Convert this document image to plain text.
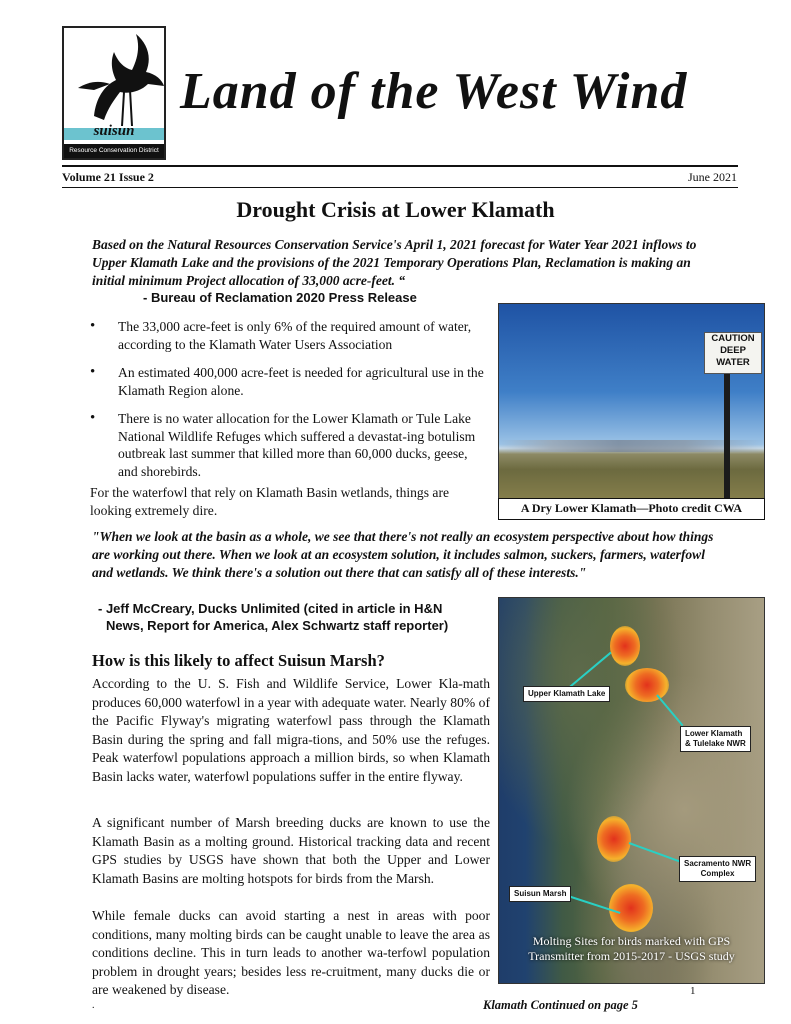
suisun
Resource Conservation District
Land of the West Wind
Volume 21 Issue 2	June 2021
Drought Crisis at Lower Klamath
Based on the Natural Resources Conservation Service's April 1, 2021 forecast for Water Year 2021 inflows to Upper Klamath Lake and the provisions of the 2021 Temporary Operations Plan, Reclamation is making an initial minimum Project allocation of 33,000 acre-feet. “
- Bureau of Reclamation 2020 Press Release
• The 33,000 acre-feet is only 6% of the required amount of water, according to the Klamath Water Users Association
• An estimated 400,000 acre-feet is needed for agricultural use in the Klamath Region alone.
• There is no water allocation for the Lower Klamath or Tule Lake National Wildlife Refuges which suffered a devastat-ing botulism outbreak last summer that killed more than 60,000 ducks, geese, and shorebirds.
For the waterfowl that rely on Klamath Basin wetlands, things are looking extremely dire.
CAUTION
DEEP
WATER
A Dry Lower Klamath—Photo credit CWA
"When we look at the basin as a whole, we see that there's not really an ecosystem perspective about how things are working out there. When we look at an ecosystem solution, it includes salmon, suckers, farmers, waterfowl and wetlands. We think there's a solution out there that can satisfy all of these interests."
- Jeff McCreary, Ducks Unlimited (cited in article in H&N
News, Report for America, Alex Schwartz staff reporter)
How is this likely to affect Suisun Marsh?
According to the U. S. Fish and Wildlife Service, Lower Kla-math produces 60,000 waterfowl in a year with adequate water. Nearly 80% of the Pacific Flyway's migrating waterfowl pass through the Klamath Basin during the spring and fall migra-tions, and 50% use the refuges. Peak waterfowl populations approach a million birds, so when Klamath Basin lacks water, waterfowl populations suffer in the entire flyway.
A significant number of Marsh breeding ducks are known to use the Klamath Basin as a molting ground. Historical tracking data and recent GPS studies by USGS have shown that both the Upper and Lower Klamath Basins are molting hotspots for birds from the Marsh.
While female ducks can avoid starting a nest in areas with poor conditions, many molting birds can be caught unable to leave the area as conditions decline. This in turn leads to another wa-terfowl population problem in drought years; besides less re-cruitment, many ducks die or are weakened by disease.
Upper Klamath Lake
Lower Klamath
& Tulelake NWR
Sacramento NWR
Complex
Suisun Marsh
Molting Sites for birds marked with GPS
Transmitter from 2015-2017 - USGS study
1
Klamath Continued on page 5
.
